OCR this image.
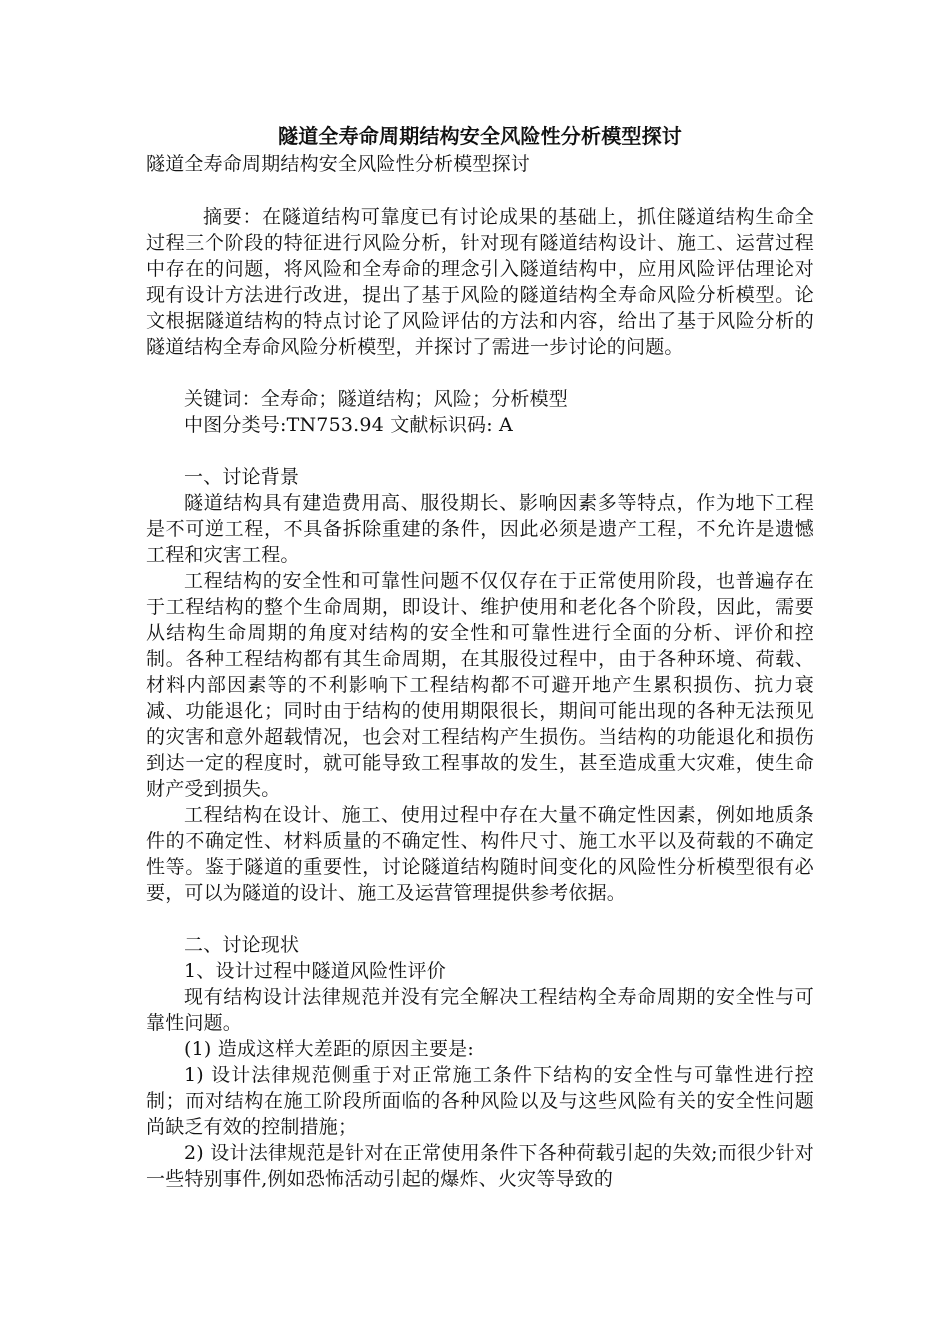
隧道全寿命周期结构安全风险性分析模型探讨

隧道全寿命周期结构安全风险性分析模型探讨

摘要：在隧道结构可靠度已有讨论成果的基础上，抓住隧道结构生命全过程三个阶段的特征进行风险分析，针对现有隧道结构设计、施工、运营过程中存在的问题，将风险和全寿命的理念引入隧道结构中，应用风险评估理论对现有设计方法进行改进，提出了基于风险的隧道结构全寿命风险分析模型。论文根据隧道结构的特点讨论了风险评估的方法和内容，给出了基于风险分析的隧道结构全寿命风险分析模型，并探讨了需进一步讨论的问题。

关键词：全寿命；隧道结构；风险；分析模型

中图分类号:TN753.94 文献标识码: A

一、讨论背景

隧道结构具有建造费用高、服役期长、影响因素多等特点，作为地下工程是不可逆工程，不具备拆除重建的条件，因此必须是遗产工程，不允许是遗憾工程和灾害工程。

工程结构的安全性和可靠性问题不仅仅存在于正常使用阶段，也普遍存在于工程结构的整个生命周期，即设计、维护使用和老化各个阶段，因此，需要从结构生命周期的角度对结构的安全性和可靠性进行全面的分析、评价和控制。各种工程结构都有其生命周期，在其服役过程中，由于各种环境、荷载、材料内部因素等的不利影响下工程结构都不可避开地产生累积损伤、抗力衰减、功能退化；同时由于结构的使用期限很长，期间可能出现的各种无法预见的灾害和意外超载情况，也会对工程结构产生损伤。当结构的功能退化和损伤到达一定的程度时，就可能导致工程事故的发生，甚至造成重大灾难，使生命财产受到损失。

工程结构在设计、施工、使用过程中存在大量不确定性因素，例如地质条件的不确定性、材料质量的不确定性、构件尺寸、施工水平以及荷载的不确定性等。鉴于隧道的重要性，讨论隧道结构随时间变化的风险性分析模型很有必要，可以为隧道的设计、施工及运营管理提供参考依据。

二、讨论现状

1、设计过程中隧道风险性评价

现有结构设计法律规范并没有完全解决工程结构全寿命周期的安全性与可靠性问题。

(1) 造成这样大差距的原因主要是:

1) 设计法律规范侧重于对正常施工条件下结构的安全性与可靠性进行控制；而对结构在施工阶段所面临的各种风险以及与这些风险有关的安全性问题尚缺乏有效的控制措施；

2) 设计法律规范是针对在正常使用条件下各种荷载引起的失效;而很少针对一些特别事件,例如恐怖活动引起的爆炸、火灾等导致的
